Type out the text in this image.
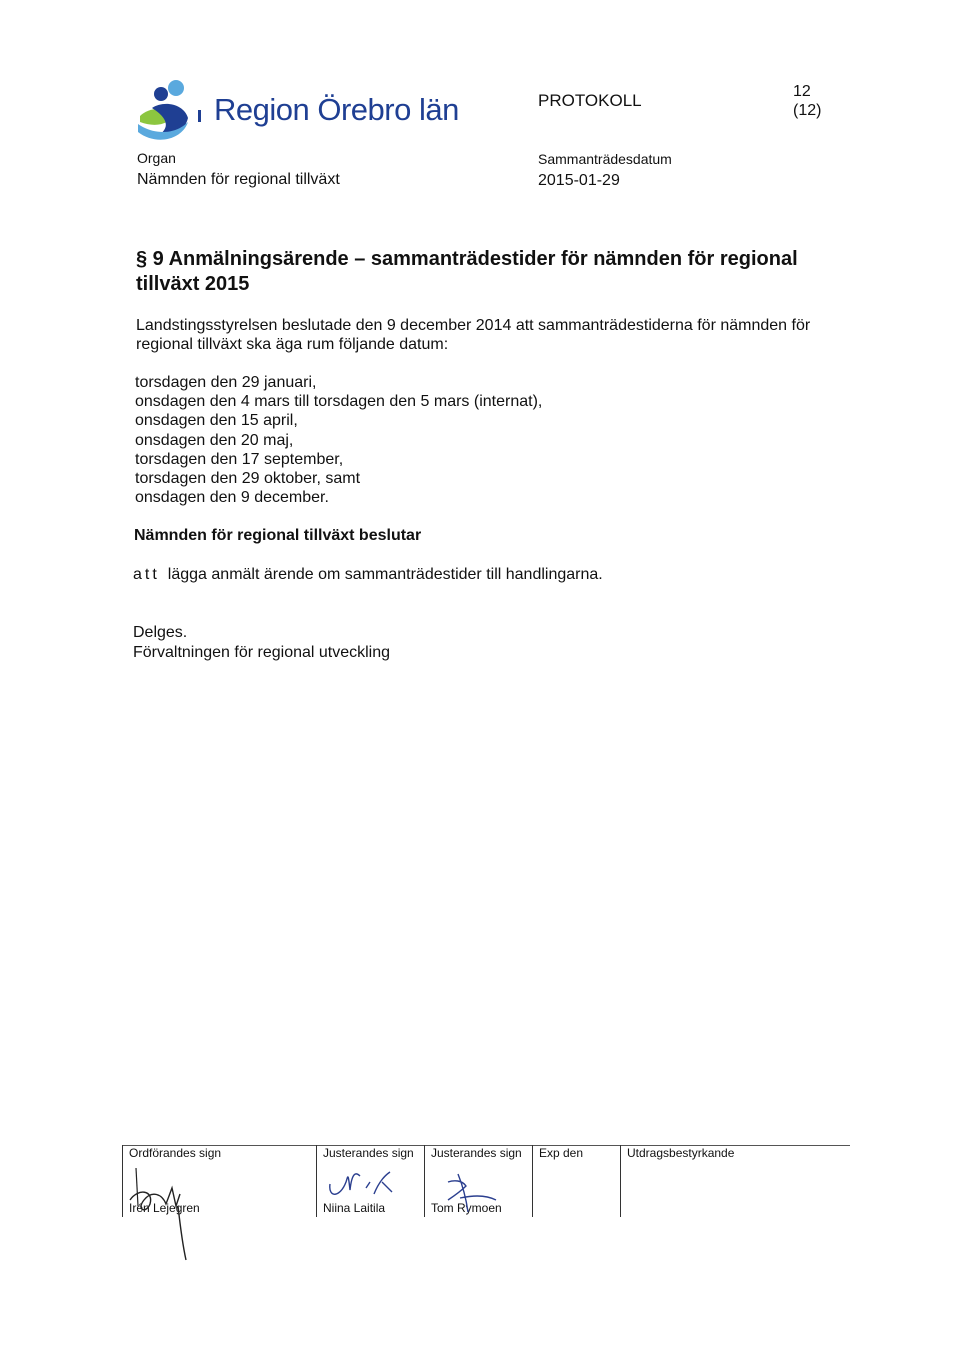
Region Örebro län	PROTOKOLL	12
(12)
Organ
Nämnden för regional tillväxt
Sammanträdesdatum
2015-01-29
§ 9 Anmälningsärende – sammanträdestider för nämnden för regional tillväxt 2015
Landstingsstyrelsen beslutade den 9 december 2014 att sammanträdestiderna för nämnden för regional tillväxt ska äga rum följande datum:
torsdagen den 29 januari,
onsdagen den 4 mars till torsdagen den 5 mars (internat),
onsdagen den 15 april,
onsdagen den 20 maj,
torsdagen den 17 september,
torsdagen den 29 oktober, samt
onsdagen den 9 december.
Nämnden för regional tillväxt beslutar
att lägga anmält ärende om sammanträdestider till handlingarna.
Delges.
Förvaltningen för regional utveckling
Ordförandes sign
Irén Lejegren
Justerandes sign
Niina Laitila
Justerandes sign
Tom Rymoen
Exp den	Utdragsbestyrkande
